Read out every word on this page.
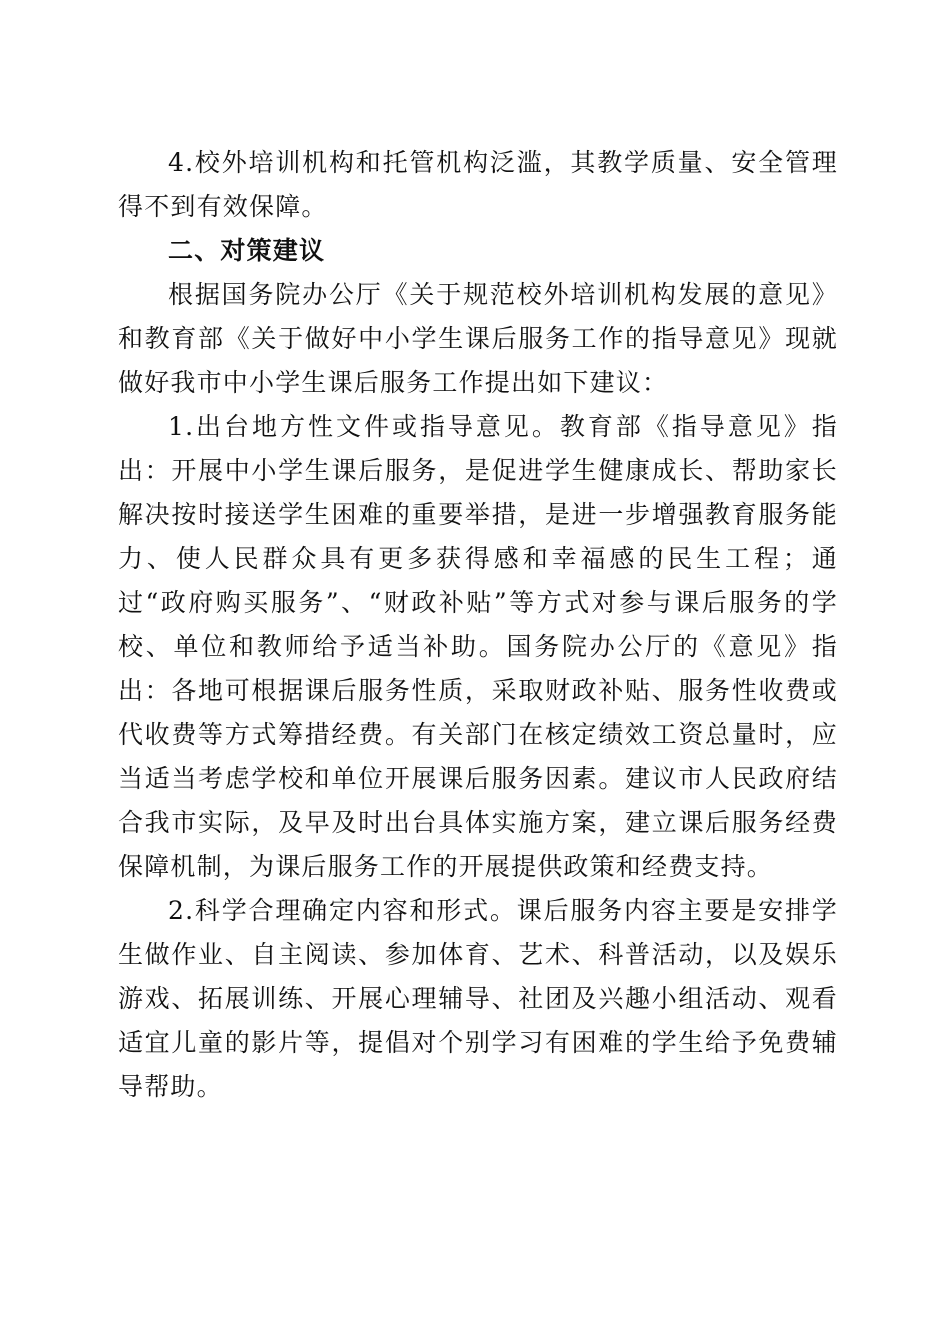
4.校外培训机构和托管机构泛滥，其教学质量、安全管理得不到有效保障。

二、对策建议

根据国务院办公厅《关于规范校外培训机构发展的意见》和教育部《关于做好中小学生课后服务工作的指导意见》现就做好我市中小学生课后服务工作提出如下建议：

1.出台地方性文件或指导意见。教育部《指导意见》指出：开展中小学生课后服务，是促进学生健康成长、帮助家长解决按时接送学生困难的重要举措，是进一步增强教育服务能力、使人民群众具有更多获得感和幸福感的民生工程；通过“政府购买服务”、“财政补贴”等方式对参与课后服务的学校、单位和教师给予适当补助。国务院办公厅的《意见》指出：各地可根据课后服务性质，采取财政补贴、服务性收费或代收费等方式筹措经费。有关部门在核定绩效工资总量时，应当适当考虑学校和单位开展课后服务因素。建议市人民政府结合我市实际，及早及时出台具体实施方案，建立课后服务经费保障机制，为课后服务工作的开展提供政策和经费支持。

2.科学合理确定内容和形式。课后服务内容主要是安排学生做作业、自主阅读、参加体育、艺术、科普活动，以及娱乐游戏、拓展训练、开展心理辅导、社团及兴趣小组活动、观看适宜儿童的影片等，提倡对个别学习有困难的学生给予免费辅导帮助。
